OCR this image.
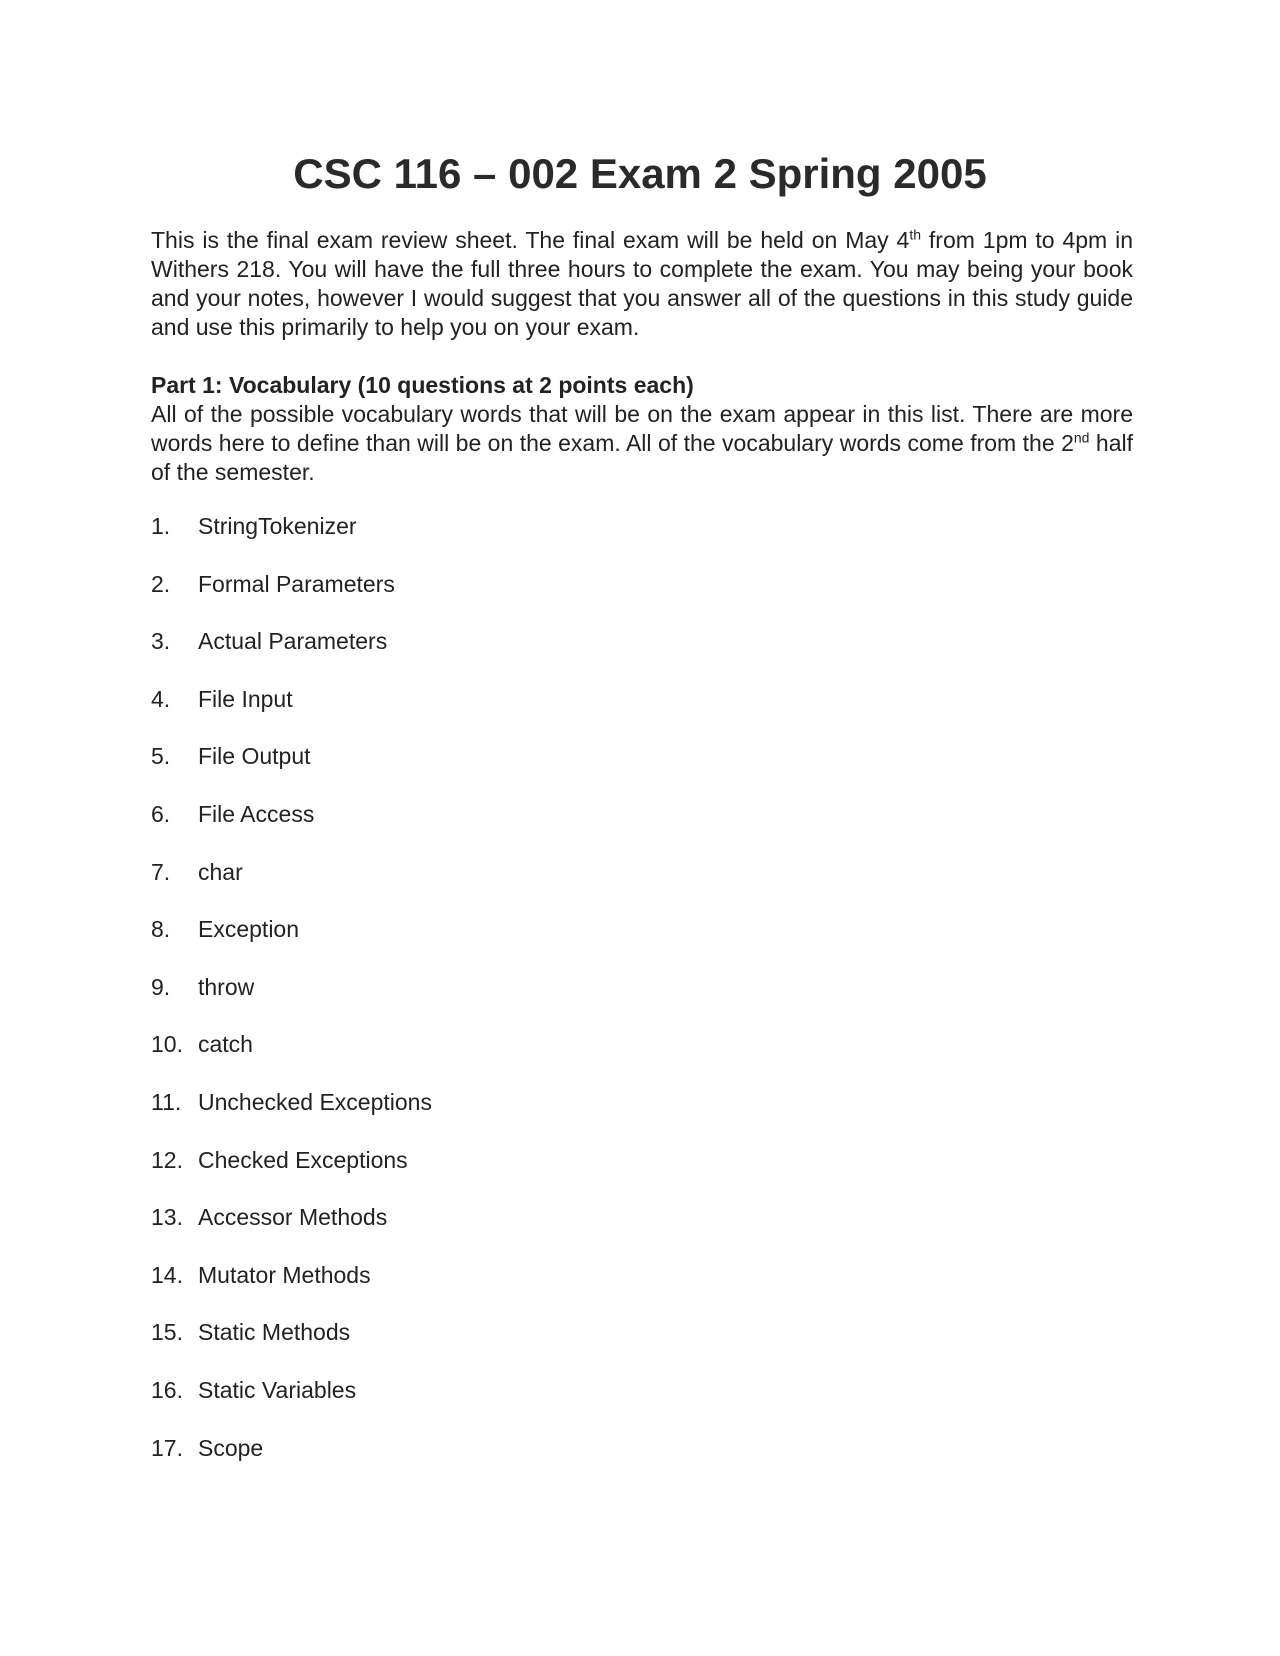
CSC 116 – 002 Exam 2 Spring 2005

This is the final exam review sheet. The final exam will be held on May 4th from 1pm to 4pm in Withers 218. You will have the full three hours to complete the exam. You may being your book and your notes, however I would suggest that you answer all of the questions in this study guide and use this primarily to help you on your exam.

Part 1: Vocabulary (10 questions at 2 points each)

All of the possible vocabulary words that will be on the exam appear in this list. There are more words here to define than will be on the exam. All of the vocabulary words come from the 2nd half of the semester.

1. StringTokenizer
2. Formal Parameters
3. Actual Parameters
4. File Input
5. File Output
6. File Access
7. char
8. Exception
9. throw
10. catch
11. Unchecked Exceptions
12. Checked Exceptions
13. Accessor Methods
14. Mutator Methods
15. Static Methods
16. Static Variables
17. Scope
